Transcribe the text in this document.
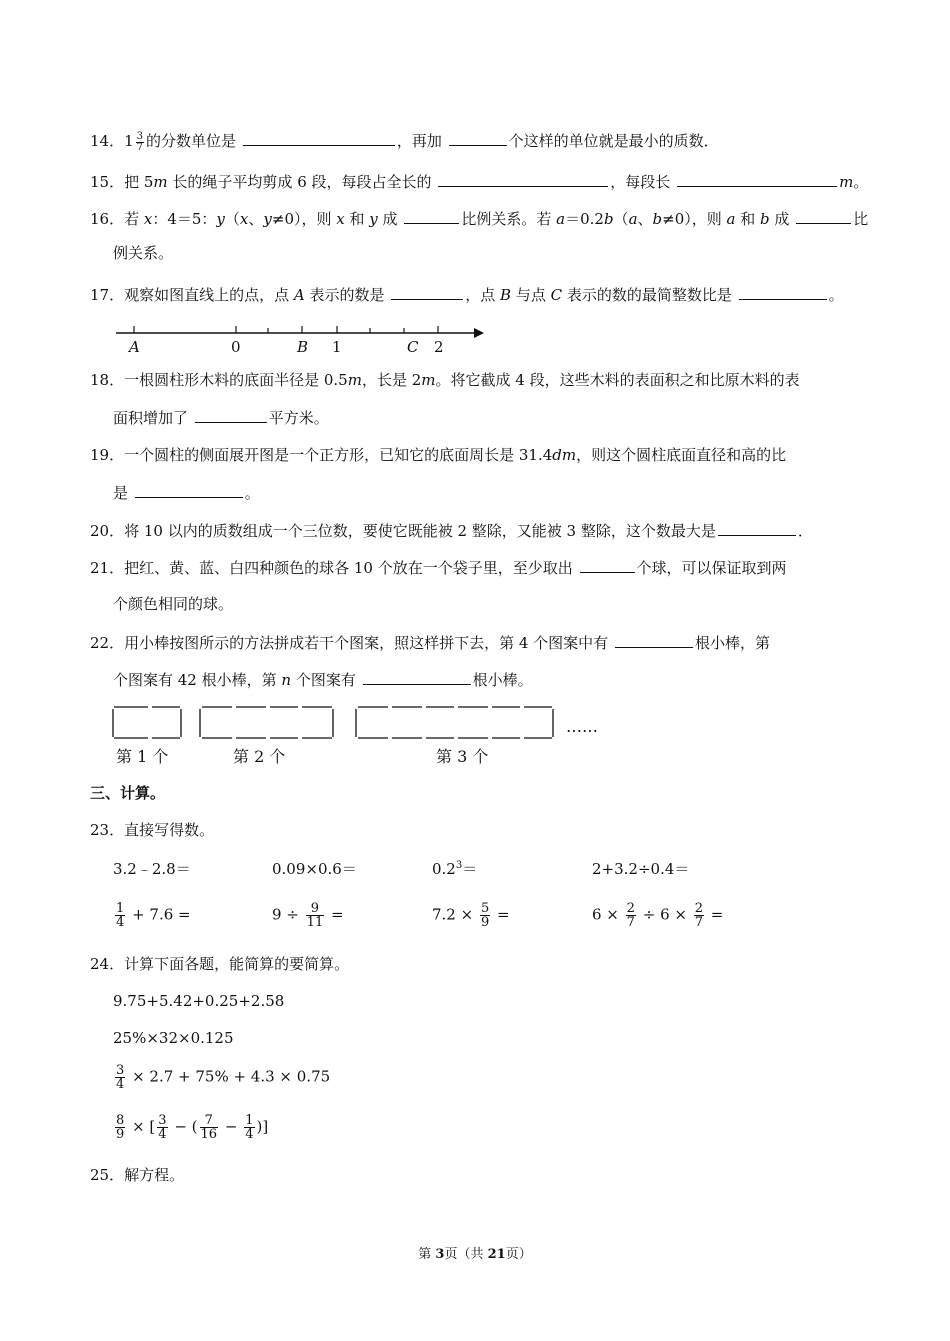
14．$1 \frac{3}{7}$ 的分数单位是	，再加	个这样的单位就是最小的质数．
15．把 5m 长的绳子平均剪成 6 段，每段占全长的	，每段长	m。
16．若 x：4＝5：y（x、y≠0），则 x 和 y 成	比例关系。若 a＝0.2b（a、b≠0），则 a 和 b 成	比
例关系。
17．观察如图直线上的点，点 A 表示的数是	，点 B 与点 C 表示的数的最简整数比是	。
A	0	B 1	C 2
18．一根圆柱形木料的底面半径是 0.5m，长是 2m。将它截成 4 段，这些木料的表面积之和比原木料的表
面积增加了	平方米。
19．一个圆柱的侧面展开图是一个正方形，已知它的底面周长是 31.4dm，则这个圆柱底面直径和高的比
是	。
20．将 10 以内的质数组成一个三位数，要使它既能被 2 整除，又能被 3 整除，这个数最大是	．
21．把红、黄、蓝、白四种颜色的球各 10 个放在一个袋子里，至少取出	个球，可以保证取到两
个颜色相同的球。
22．用小棒按图所示的方法拼成若干个图案，照这样拼下去，第 4 个图案中有	根小棒，第
个图案有 42 根小棒，第 n 个图案有	根小棒。
……
第 1 个	第 2 个	第 3 个
三、计算。
23．直接写得数。
3.2﹣2.8＝	0.09×0.6＝	$0.2^3=$	2+3.2÷0.4＝
$\frac{1}{4} + 7.6$ =	$9 \div \frac{9}{11}$ =	$7.2 \times \frac{5}{9}$ =	$6 \times \frac{2}{7} \div 6 \times \frac{2}{7}$ =
24．计算下面各题，能简算的要简算。
9.75+5.42+0.25+2.58
25%×32×0.125
$\frac{3}{4} \times 2.7 + 75\% + 4.3 \times 0.75$
$\frac{8}{9}$ × [ $\frac{3}{4}$ − ( $\frac{7}{16} - \frac{1}{4}$ )]
25．解方程。
第 3页（共 21页）
